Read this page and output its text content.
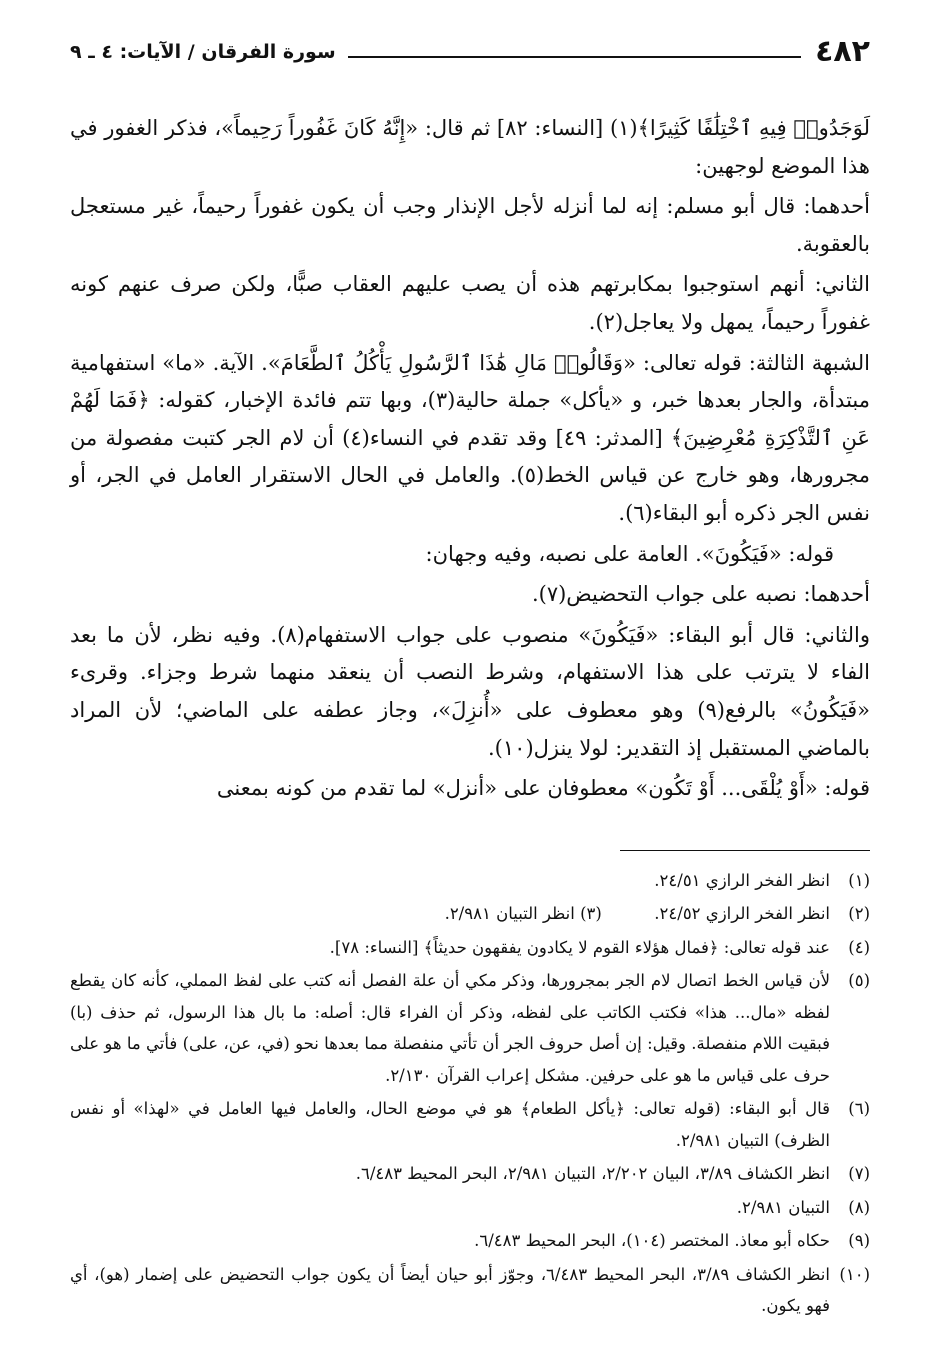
٤٨٢
سورة الفرقان / الآيات: ٤ ـ ٩

لَوَجَدُوا۟ فِيهِ ٱخْتِلَٰفًا كَثِيرًا﴾(١) [النساء: ٨٢] ثم قال: «إِنَّهُ كَانَ غَفُوراً رَحِيماً»، فذكر الغفور في هذا الموضع لوجهين:

أحدهما: قال أبو مسلم: إنه لما أنزله لأجل الإنذار وجب أن يكون غفوراً رحيماً، غير مستعجل بالعقوبة.

الثاني: أنهم استوجبوا بمكابرتهم هذه أن يصب عليهم العقاب صبًّا، ولكن صرف عنهم كونه غفوراً رحيماً، يمهل ولا يعاجل(٢).

الشبهة الثالثة: قوله تعالى: «وَقَالُوا۟ مَالِ هَٰذَا ٱلرَّسُولِ يَأْكُلُ ٱلطَّعَامَ». الآية. «ما» استفهامية مبتدأة، والجار بعدها خبر، و «يأكل» جملة حالية(٣)، وبها تتم فائدة الإخبار، كقوله: ﴿فَمَا لَهُمْ عَنِ ٱلتَّذْكِرَةِ مُعْرِضِينَ﴾ [المدثر: ٤٩] وقد تقدم في النساء(٤) أن لام الجر كتبت مفصولة من مجرورها، وهو خارج عن قياس الخط(٥). والعامل في الحال الاستقرار العامل في الجر، أو نفس الجر ذكره أبو البقاء(٦).

قوله: «فَيَكُونَ». العامة على نصبه، وفيه وجهان:

أحدهما: نصبه على جواب التحضيض(٧).

والثاني: قال أبو البقاء: «فَيَكُونَ» منصوب على جواب الاستفهام(٨). وفيه نظر، لأن ما بعد الفاء لا يترتب على هذا الاستفهام، وشرط النصب أن ينعقد منهما شرط وجزاء. وقرىء «فَيَكُونُ» بالرفع(٩) وهو معطوف على «أُنزِلَ»، وجاز عطفه على الماضي؛ لأن المراد بالماضي المستقبل إذ التقدير: لولا ينزل(١٠).

قوله: «أَوْ يُلْقَى... أَوْ تَكُون» معطوفان على «أنزل» لما تقدم من كونه بمعنى

(١)
انظر الفخر الرازي ٢٤/٥١.
(٢)
انظر الفخر الرازي ٢٤/٥٢.          (٣) انظر التبيان ٢/٩٨١.
(٤)
عند قوله تعالى: ﴿فمال هؤلاء القوم لا يكادون يفقهون حديثاً﴾ [النساء: ٧٨].
(٥)
لأن قياس الخط اتصال لام الجر بمجرورها، وذكر مكي أن علة الفصل أنه كتب على لفظ المملي، كأنه كان يقطع لفظه «مال... هذا» فكتب الكاتب على لفظه، وذكر أن الفراء قال: أصله: ما بال هذا الرسول، ثم حذف (با) فبقيت اللام منفصلة. وقيل: إن أصل حروف الجر أن تأتي منفصلة مما بعدها نحو (في، عن، على) فأتي ما هو على حرف على قياس ما هو على حرفين. مشكل إعراب القرآن ٢/١٣٠.
(٦)
قال أبو البقاء: (قوله تعالى: ﴿يأكل الطعام﴾ هو في موضع الحال، والعامل فيها العامل في «لهذا» أو نفس الظرف) التبيان ٢/٩٨١.
(٧)
انظر الكشاف ٣/٨٩، البيان ٢/٢٠٢، التبيان ٢/٩٨١، البحر المحيط ٦/٤٨٣.
(٨)
التبيان ٢/٩٨١.
(٩)
حكاه أبو معاذ. المختصر (١٠٤)، البحر المحيط ٦/٤٨٣.
(١٠)
انظر الكشاف ٣/٨٩، البحر المحيط ٦/٤٨٣، وجوّز أبو حيان أيضاً أن يكون جواب التحضيض على إضمار (هو)، أي فهو يكون.
